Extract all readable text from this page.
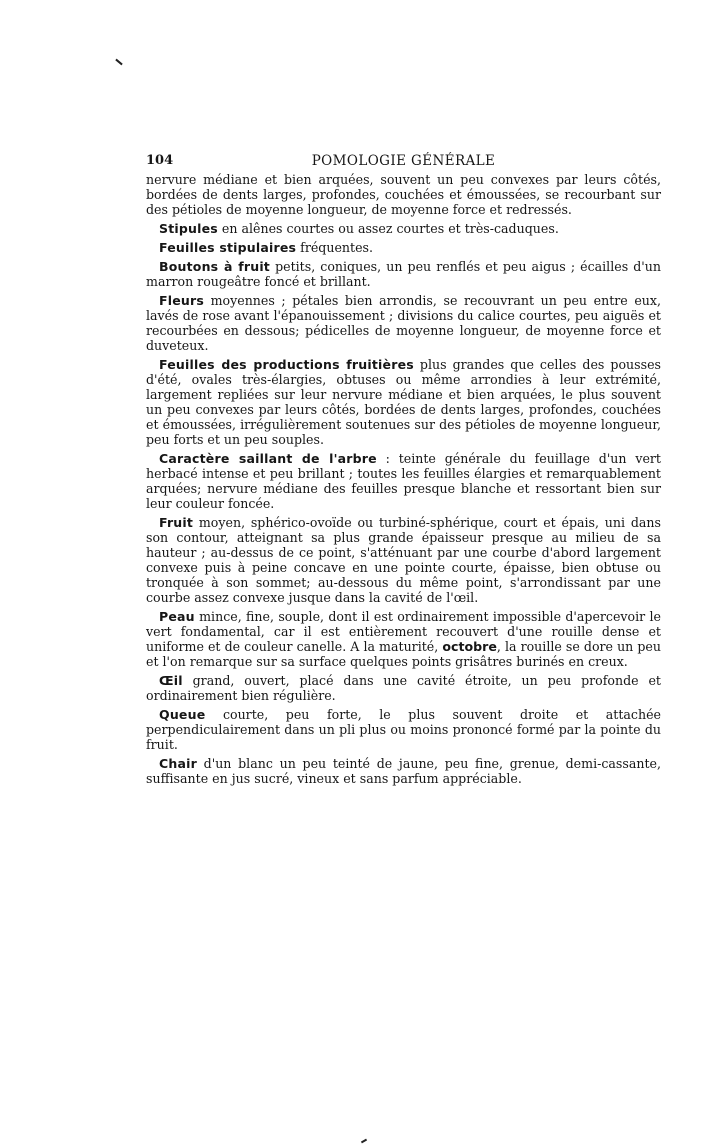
104	POMOLOGIE GÉNÉRALE

nervure médiane et bien arquées, souvent un peu convexes par leurs côtés, bordées de dents larges, profondes, couchées et émoussées, se recourbant sur des pétioles de moyenne longueur, de moyenne force et redressés.

Stipules en alênes courtes ou assez courtes et très-caduques.

Feuilles stipulaires fréquentes.

Boutons à fruit petits, coniques, un peu renflés et peu aigus ; écailles d'un marron rougeâtre foncé et brillant.

Fleurs moyennes ; pétales bien arrondis, se recouvrant un peu entre eux, lavés de rose avant l'épanouissement ; divisions du calice courtes, peu aiguës et recourbées en dessous; pédicelles de moyenne longueur, de moyenne force et duveteux.

Feuilles des productions fruitières plus grandes que celles des pousses d'été, ovales très-élargies, obtuses ou même arrondies à leur extrémité, largement repliées sur leur nervure médiane et bien arquées, le plus souvent un peu convexes par leurs côtés, bordées de dents larges, profondes, couchées et émoussées, irrégulièrement soutenues sur des pétioles de moyenne longueur, peu forts et un peu souples.

Caractère saillant de l'arbre : teinte générale du feuillage d'un vert herbacé intense et peu brillant ; toutes les feuilles élargies et remarquablement arquées; nervure médiane des feuilles presque blanche et ressortant bien sur leur couleur foncée.

Fruit moyen, sphérico-ovoïde ou turbiné-sphérique, court et épais, uni dans son contour, atteignant sa plus grande épaisseur presque au milieu de sa hauteur ; au-dessus de ce point, s'atténuant par une courbe d'abord largement convexe puis à peine concave en une pointe courte, épaisse, bien obtuse ou tronquée à son sommet; au-dessous du même point, s'arrondissant par une courbe assez convexe jusque dans la cavité de l'œil.

Peau mince, fine, souple, dont il est ordinairement impossible d'apercevoir le vert fondamental, car il est entièrement recouvert d'une rouille dense et uniforme et de couleur canelle. A la maturité, octobre, la rouille se dore un peu et l'on remarque sur sa surface quelques points grisâtres burinés en creux.

Œil grand, ouvert, placé dans une cavité étroite, un peu profonde et ordinairement bien régulière.

Queue courte, peu forte, le plus souvent droite et attachée perpendiculairement dans un pli plus ou moins prononcé formé par la pointe du fruit.

Chair d'un blanc un peu teinté de jaune, peu fine, grenue, demi-cassante, suffisante en jus sucré, vineux et sans parfum appréciable.
